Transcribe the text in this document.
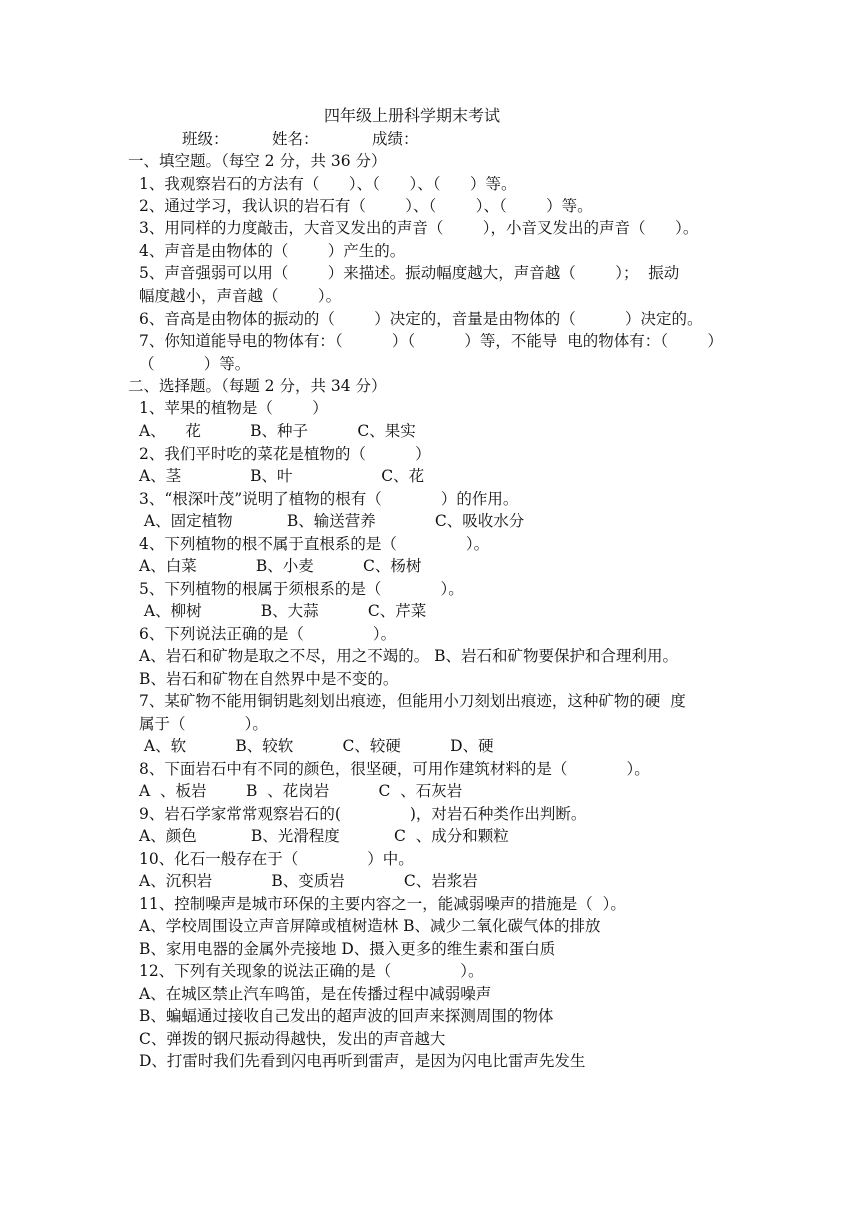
四年级上册科学期末考试
班级：	姓名：	成绩：
一、填空题。（每空 2 分，共 36 分）
1、我观察岩石的方法有（      ）、（      ）、（      ）等。
2、通过学习，我认识的岩石有（        ）、（        ）、（        ）等。
3、用同样的力度敲击，大音叉发出的声音（        ），小音叉发出的声音（      ）。
4、声音是由物体的（        ）产生的。
5、声音强弱可以用（        ）来描述。振动幅度越大，声音越（        ）；  振动
幅度越小，声音越（        ）。
6、音高是由物体的振动的（        ）决定的，音量是由物体的（          ）决定的。
7、你知道能导电的物体有：（          ）（          ）等，不能导  电的物体有：（        ）
（          ）等。
二、选择题。（每题 2 分，共 34 分）
1、苹果的植物是（        ）
A、    花          B、种子          C、果实
2、我们平时吃的菜花是植物的（          ）
A、茎              B、叶                  C、花
3、“根深叶茂”说明了植物的根有（            ）的作用。
A、固定植物           B、输送营养            C、吸收水分
4、下列植物的根不属于直根系的是（              ）。
A、白菜            B、小麦          C、杨树
5、下列植物的根属于须根系的是（            ）。
A、柳树            B、大蒜          C、芹菜
6、下列说法正确的是（              ）。
A、岩石和矿物是取之不尽，用之不竭的。 B、岩石和矿物要保护和合理利用。
B、岩石和矿物在自然界中是不变的。
7、某矿物不能用铜钥匙刻划出痕迹，但能用小刀刻划出痕迹，这种矿物的硬  度
属于（            ）。
A、软          B、较软          C、较硬          D、硬
8、下面岩石中有不同的颜色，很坚硬，可用作建筑材料的是（            ）。
A  、板岩        B  、花岗岩          C  、石灰岩
9、岩石学家常常观察岩石的(              )，对岩石种类作出判断。
A、颜色           B、光滑程度           C  、成分和颗粒
10、化石一般存在于（              ）中。
A、沉积岩            B、变质岩            C、岩浆岩
11、控制噪声是城市环保的主要内容之一，能减弱噪声的措施是（  ）。
A、学校周围设立声音屏障或植树造林 B、减少二氧化碳气体的排放
B、家用电器的金属外壳接地 D、摄入更多的维生素和蛋白质
12、下列有关现象的说法正确的是（              ）。
A、在城区禁止汽车鸣笛，是在传播过程中减弱噪声
B、蝙蝠通过接收自己发出的超声波的回声来探测周围的物体
C、弹拨的钢尺振动得越快，发出的声音越大
D、打雷时我们先看到闪电再听到雷声，是因为闪电比雷声先发生
